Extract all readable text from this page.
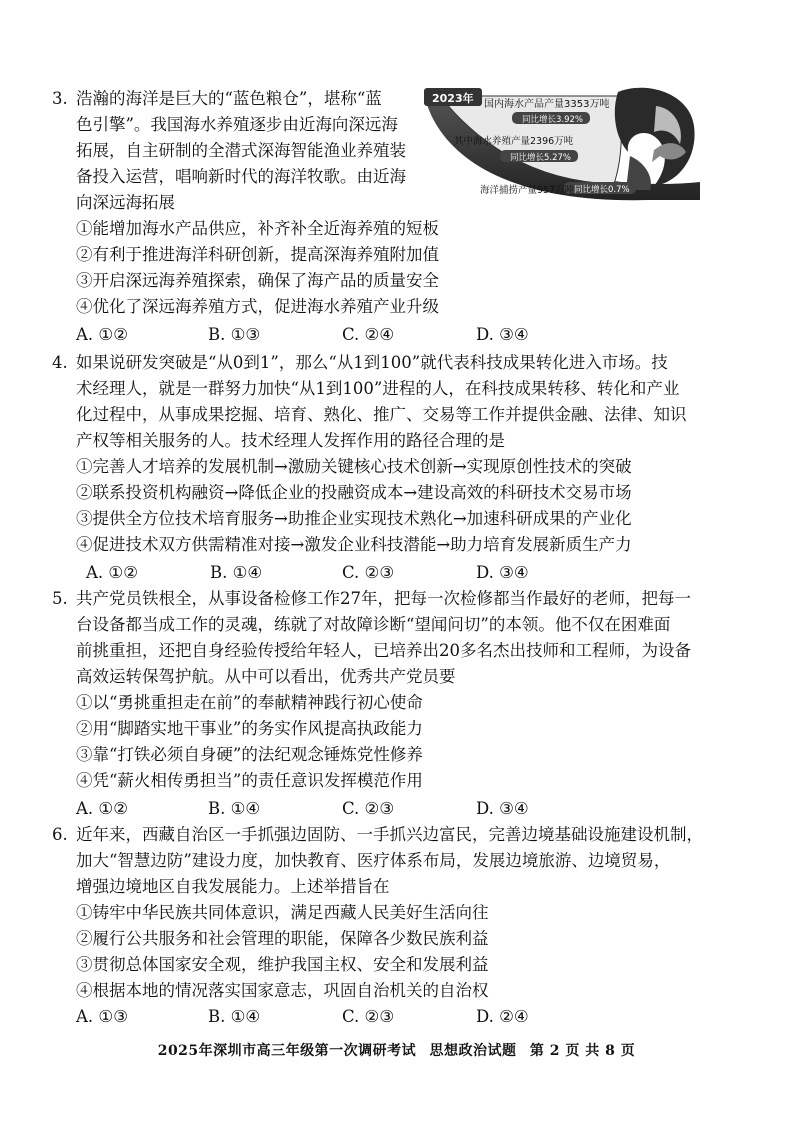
3. 浩瀚的海洋是巨大的“蓝色粮仓”，堪称“蓝
色引擎”。我国海水养殖逐步由近海向深远海
拓展，自主研制的全潜式深海智能渔业养殖装
备投入运营，唱响新时代的海洋牧歌。由近海
向深远海拓展
①能增加海水产品供应，补齐补全近海养殖的短板
②有利于推进海洋科研创新，提高深海养殖附加值
③开启深远海养殖探索，确保了海产品的质量安全
④优化了深远海养殖方式，促进海水养殖产业升级
A. ①②	B. ①③	C. ②④	D. ③④
2023年 国内海水产品产量3353万吨
同比增长3.92%
其中海水养殖产量2396万吨
同比增长5.27%
海洋捕捞产量957万吨 同比增长0.7%
4. 如果说研发突破是“从0到1”，那么“从1到100”就代表科技成果转化进入市场。技
术经理人，就是一群努力加快“从1到100”进程的人，在科技成果转移、转化和产业
化过程中，从事成果挖掘、培育、熟化、推广、交易等工作并提供金融、法律、知识
产权等相关服务的人。技术经理人发挥作用的路径合理的是
①完善人才培养的发展机制→激励关键核心技术创新→实现原创性技术的突破
②联系投资机构融资→降低企业的投融资成本→建设高效的科研技术交易市场
③提供全方位技术培育服务→助推企业实现技术熟化→加速科研成果的产业化
④促进技术双方供需精准对接→激发企业科技潜能→助力培育发展新质生产力
A. ①②	B. ①④	C. ②③	D. ③④
5. 共产党员铁根全，从事设备检修工作27年，把每一次检修都当作最好的老师，把每一
台设备都当成工作的灵魂，练就了对故障诊断“望闻问切”的本领。他不仅在困难面
前挑重担，还把自身经验传授给年轻人，已培养出20多名杰出技师和工程师，为设备
高效运转保驾护航。从中可以看出，优秀共产党员要
①以“勇挑重担走在前”的奉献精神践行初心使命
②用“脚踏实地干事业”的务实作风提高执政能力
③靠“打铁必须自身硬”的法纪观念锤炼党性修养
④凭“薪火相传勇担当”的责任意识发挥模范作用
A. ①②	B. ①④	C. ②③	D. ③④
6. 近年来，西藏自治区一手抓强边固防、一手抓兴边富民，完善边境基础设施建设机制，
加大“智慧边防”建设力度，加快教育、医疗体系布局，发展边境旅游、边境贸易，
增强边境地区自我发展能力。上述举措旨在
①铸牢中华民族共同体意识，满足西藏人民美好生活向往
②履行公共服务和社会管理的职能，保障各少数民族利益
③贯彻总体国家安全观，维护我国主权、安全和发展利益
④根据本地的情况落实国家意志，巩固自治机关的自治权
A. ①③	B. ①④	C. ②③	D. ②④
2025年深圳市高三年级第一次调研考试 思想政治试题 第 2 页 共 8 页
